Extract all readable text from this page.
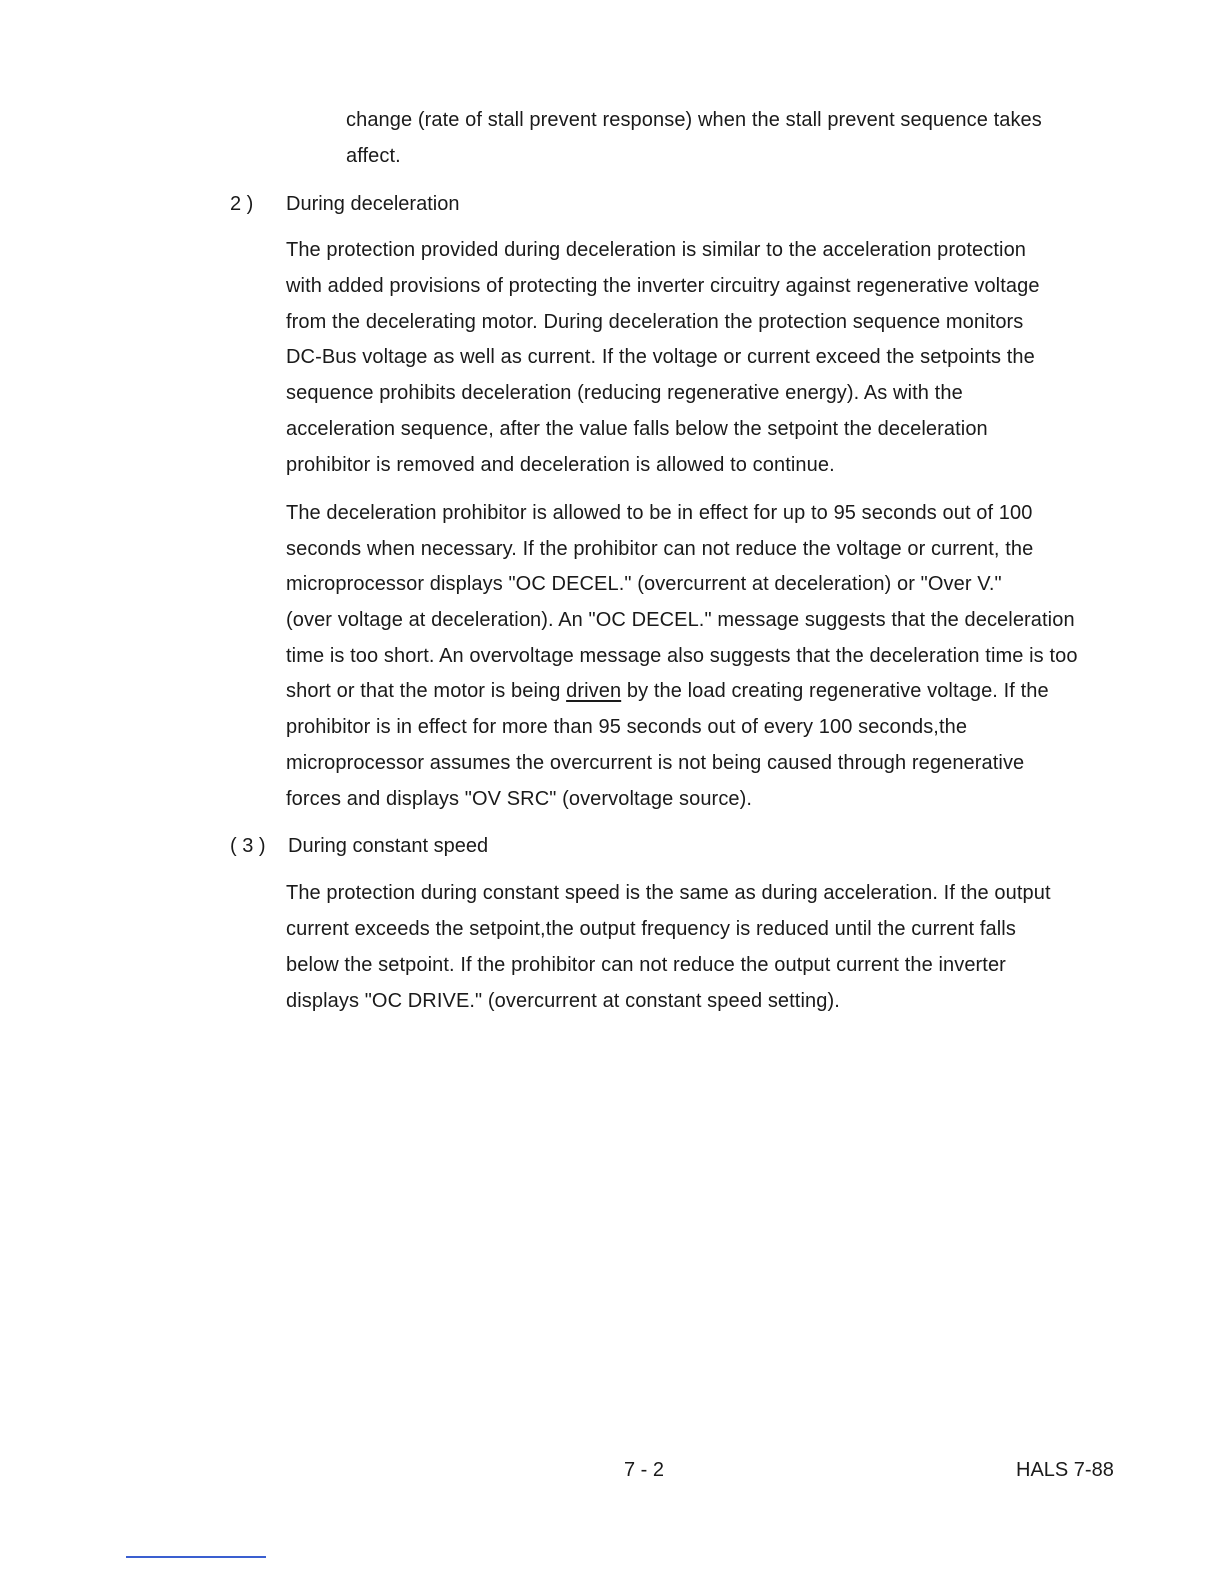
change (rate of stall prevent response) when the stall prevent sequence takes
affect.
2 ) During deceleration
The protection provided during deceleration is similar to the acceleration protection
with added provisions of protecting the inverter circuitry against regenerative voltage
from the decelerating motor. During deceleration the protection sequence monitors
DC-Bus voltage as well as current. If the voltage or current exceed the setpoints the
sequence prohibits deceleration (reducing regenerative energy). As with the
acceleration sequence, after the value falls below the setpoint the deceleration
prohibitor is removed and deceleration is allowed to continue.
The deceleration prohibitor is allowed to be in effect for up to 95 seconds out of 100
seconds when necessary. If the prohibitor can not reduce the voltage or current, the
microprocessor displays "OC DECEL." (overcurrent at deceleration) or "Over V."
(over voltage at deceleration). An "OC DECEL." message suggests that the deceleration
time is too short. An overvoltage message also suggests that the deceleration time is too
short or that the motor is being driven by the load creating regenerative voltage. If the
prohibitor is in effect for more than 95 seconds out of every 100 seconds,the
microprocessor assumes the overcurrent is not being caused through regenerative
forces and displays "OV SRC" (overvoltage source).
( 3 ) During constant speed
The protection during constant speed is the same as during acceleration. If the output
current exceeds the setpoint,the output frequency is reduced until the current falls
below the setpoint. If the prohibitor can not reduce the output current the inverter
displays "OC DRIVE." (overcurrent at constant speed setting).
7 - 2	HALS 7-88
